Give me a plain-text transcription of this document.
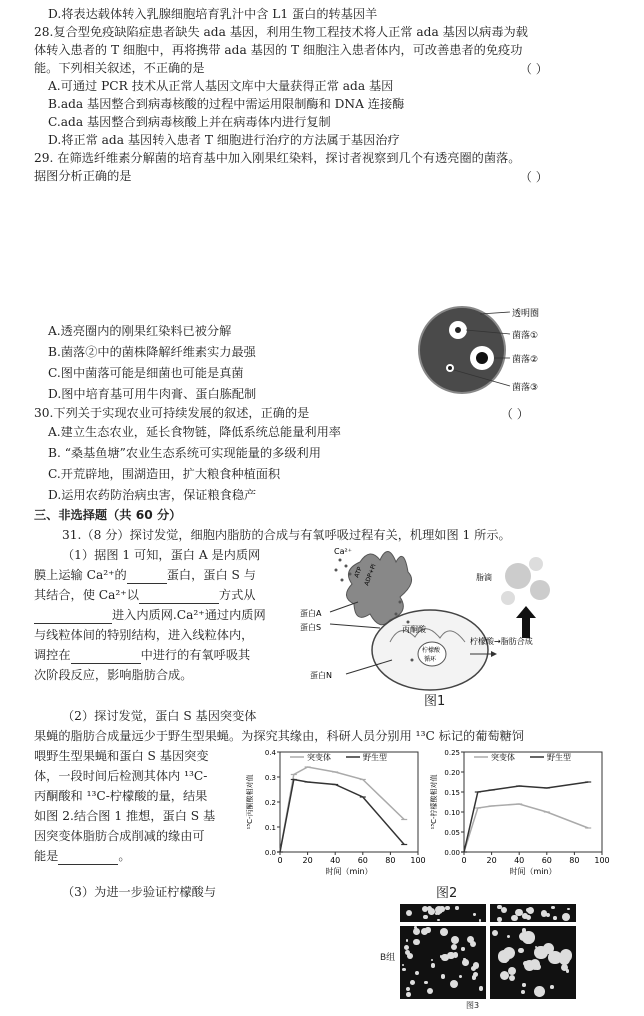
D.将表达载体转入乳腺细胞培育乳汁中含 L1 蛋白的转基因羊
28.复合型免疫缺陷症患者缺失 ada 基因，利用生物工程技术将人正常 ada 基因以病毒为载
体转入患者的 T 细胞中，再将携带 ada 基因的 T 细胞注入患者体内，可改善患者的免疫功
能。下列相关叙述，不正确的是	（ ）
A.可通过 PCR 技术从正常人基因文库中大量获得正常 ada 基因
B.ada 基因整合到病毒核酸的过程中需运用限制酶和 DNA 连接酶
C.ada 基因整合到病毒核酸上并在病毒体内进行复制
D.将正常 ada 基因转入患者 T 细胞进行治疗的方法属于基因治疗
29. 在筛选纤维素分解菌的培育基中加入刚果红染料，探讨者视察到几个有透亮圈的菌落。
据图分析正确的是	（ ）
A.透亮圈内的刚果红染料已被分解
B.菌落②中的菌株降解纤维素实力最强
C.图中菌落可能是细菌也可能是真菌
D.图中培育基可用牛肉膏、蛋白胨配制
30.下列关于实现农业可持续发展的叙述，正确的是	（ ）
A.建立生态农业，延长食物链，降低系统总能量利用率
B. “桑基鱼塘”农业生态系统可实现能量的多级利用
C.开荒辟地，围湖造田，扩大粮食种植面积
D.运用农药防治病虫害，保证粮食稳产
三、非选择题（共 60 分）
31.（8 分）探讨发觉，细胞内脂肪的合成与有氧呼吸过程有关，机理如图 1 所示。
（1）据图 1 可知，蛋白 A 是内质网
膜上运输 Ca²⁺的	蛋白，蛋白 S 与
其结合，使 Ca²⁺以	方式从
进入内质网.Ca²⁺通过内质网
与线粒体间的特别结构，进入线粒体内，
调控在	中进行的有氧呼吸其
次阶段反应，影响脂肪合成。
（2）探讨发觉，蛋白 S 基因突变体
果蝇的脂肪合成量远少于野生型果蝇。为探究其缘由，科研人员分别用 ¹³C 标记的葡萄糖饲
喂野生型果蝇和蛋白 S 基因突变
体，一段时间后检测其体内 ¹³C-
丙酮酸和 ¹³C-柠檬酸的量，结果
如图 2.结合图 1 推想，蛋白 S 基
因突变体脂肪合成削减的缘由可
能是	。
（3）为进一步验证柠檬酸与
透明圈
菌落①
菌落②
菌落③
Ca²⁺
ATP ADP+Pi
蛋白A
蛋白S
蛋白N
丙酮酸
柠檬酸
循环
脂滴
柠檬酸→脂肪合成
图1
0 20 40 60 80 100
0.0
0.1
0.2
0.3
0.4
时间（min）
¹³C-丙酮酸相对值
突变体	野生型
0 20 40 60 80 100
0.00
0.05
0.10
0.15
0.20
0.25
时间（min）
¹³C-柠檬酸相对值
突变体	野生型
图2
B组
图3
